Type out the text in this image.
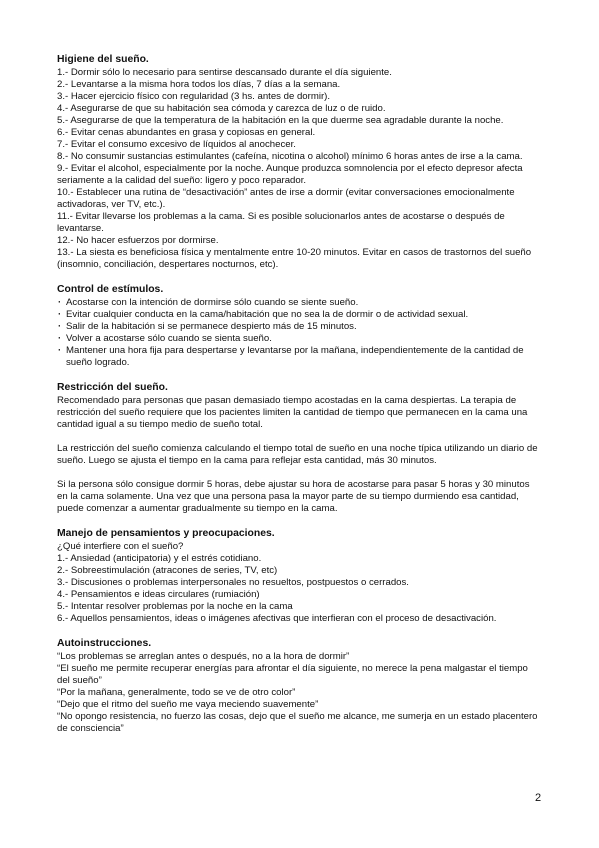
Higiene del sueño.

1.- Dormir sólo lo necesario para sentirse descansado durante el día siguiente.

2.- Levantarse a la misma hora todos los días, 7 días a la semana.

3.- Hacer ejercicio físico con regularidad (3 hs. antes de dormir).

4.- Asegurarse de que su habitación sea cómoda y carezca de luz o de ruido.

5.- Asegurarse de que la temperatura de la habitación en la que duerme sea agradable durante la noche.

6.- Evitar cenas abundantes en grasa y copiosas en general.

7.- Evitar el consumo excesivo de líquidos al anochecer.

8.- No consumir sustancias estimulantes (cafeína, nicotina o alcohol) mínimo 6 horas antes de irse a la cama.

9.- Evitar el alcohol, especialmente por la noche. Aunque produzca somnolencia por el efecto depresor afecta seriamente a la calidad del sueño: ligero y poco reparador.

10.- Establecer una rutina de “desactivación” antes de irse a dormir (evitar conversaciones emocionalmente activadoras, ver TV, etc.).

11.- Evitar llevarse los problemas a la cama. Si es posible solucionarlos antes de acostarse o después de levantarse.

12.- No hacer esfuerzos por dormirse.

13.- La siesta es beneficiosa física y mentalmente entre 10-20 minutos. Evitar en casos de trastornos del sueño (insomnio, conciliación, despertares nocturnos, etc).

Control de estímulos.
· Acostarse con la intención de dormirse sólo cuando se siente sueño.
· Evitar cualquier conducta en la cama/habitación que no sea la de dormir o de actividad sexual.
· Salir de la habitación si se permanece despierto más de 15 minutos.
· Volver a acostarse sólo cuando se sienta sueño.
· Mantener una hora fija para despertarse y levantarse por la mañana, independientemente de la cantidad de sueño logrado.
Restricción del sueño.

Recomendado para personas que pasan demasiado tiempo acostadas en la cama despiertas. La terapia de restricción del sueño requiere que los pacientes limiten la cantidad de tiempo que permanecen en la cama una cantidad igual a su tiempo medio de sueño total.

La restricción del sueño comienza calculando el tiempo total de sueño en una noche típica utilizando un diario de sueño. Luego se ajusta el tiempo en la cama para reflejar esta cantidad, más 30 minutos.

Si la persona sólo consigue dormir 5 horas, debe ajustar su hora de acostarse para pasar 5 horas y 30 minutos en la cama solamente. Una vez que una persona pasa la mayor parte de su tiempo durmiendo esa cantidad, puede comenzar a aumentar gradualmente su tiempo en la cama.

Manejo de pensamientos y preocupaciones.

¿Qué interfiere con el sueño?

1.- Ansiedad (anticipatoria) y el estrés cotidiano.

2.- Sobreestimulación (atracones de series, TV, etc)

3.- Discusiones o problemas interpersonales no resueltos, postpuestos o cerrados.

4.- Pensamientos e ideas circulares (rumiación)

5.- Intentar resolver problemas por la noche en la cama

6.- Aquellos pensamientos, ideas o imágenes afectivas que interfieran con el proceso de desactivación.

Autoinstrucciones.

“Los problemas se arreglan antes o después, no a la hora de dormir”

“El sueño me permite recuperar energías para afrontar el día siguiente, no merece la pena malgastar el tiempo del sueño”

“Por la mañana, generalmente, todo se ve de otro color”

“Dejo que el ritmo del sueño me vaya meciendo suavemente”

“No opongo resistencia, no fuerzo las cosas, dejo que el sueño me alcance, me sumerja en un estado placentero de consciencia”

2
